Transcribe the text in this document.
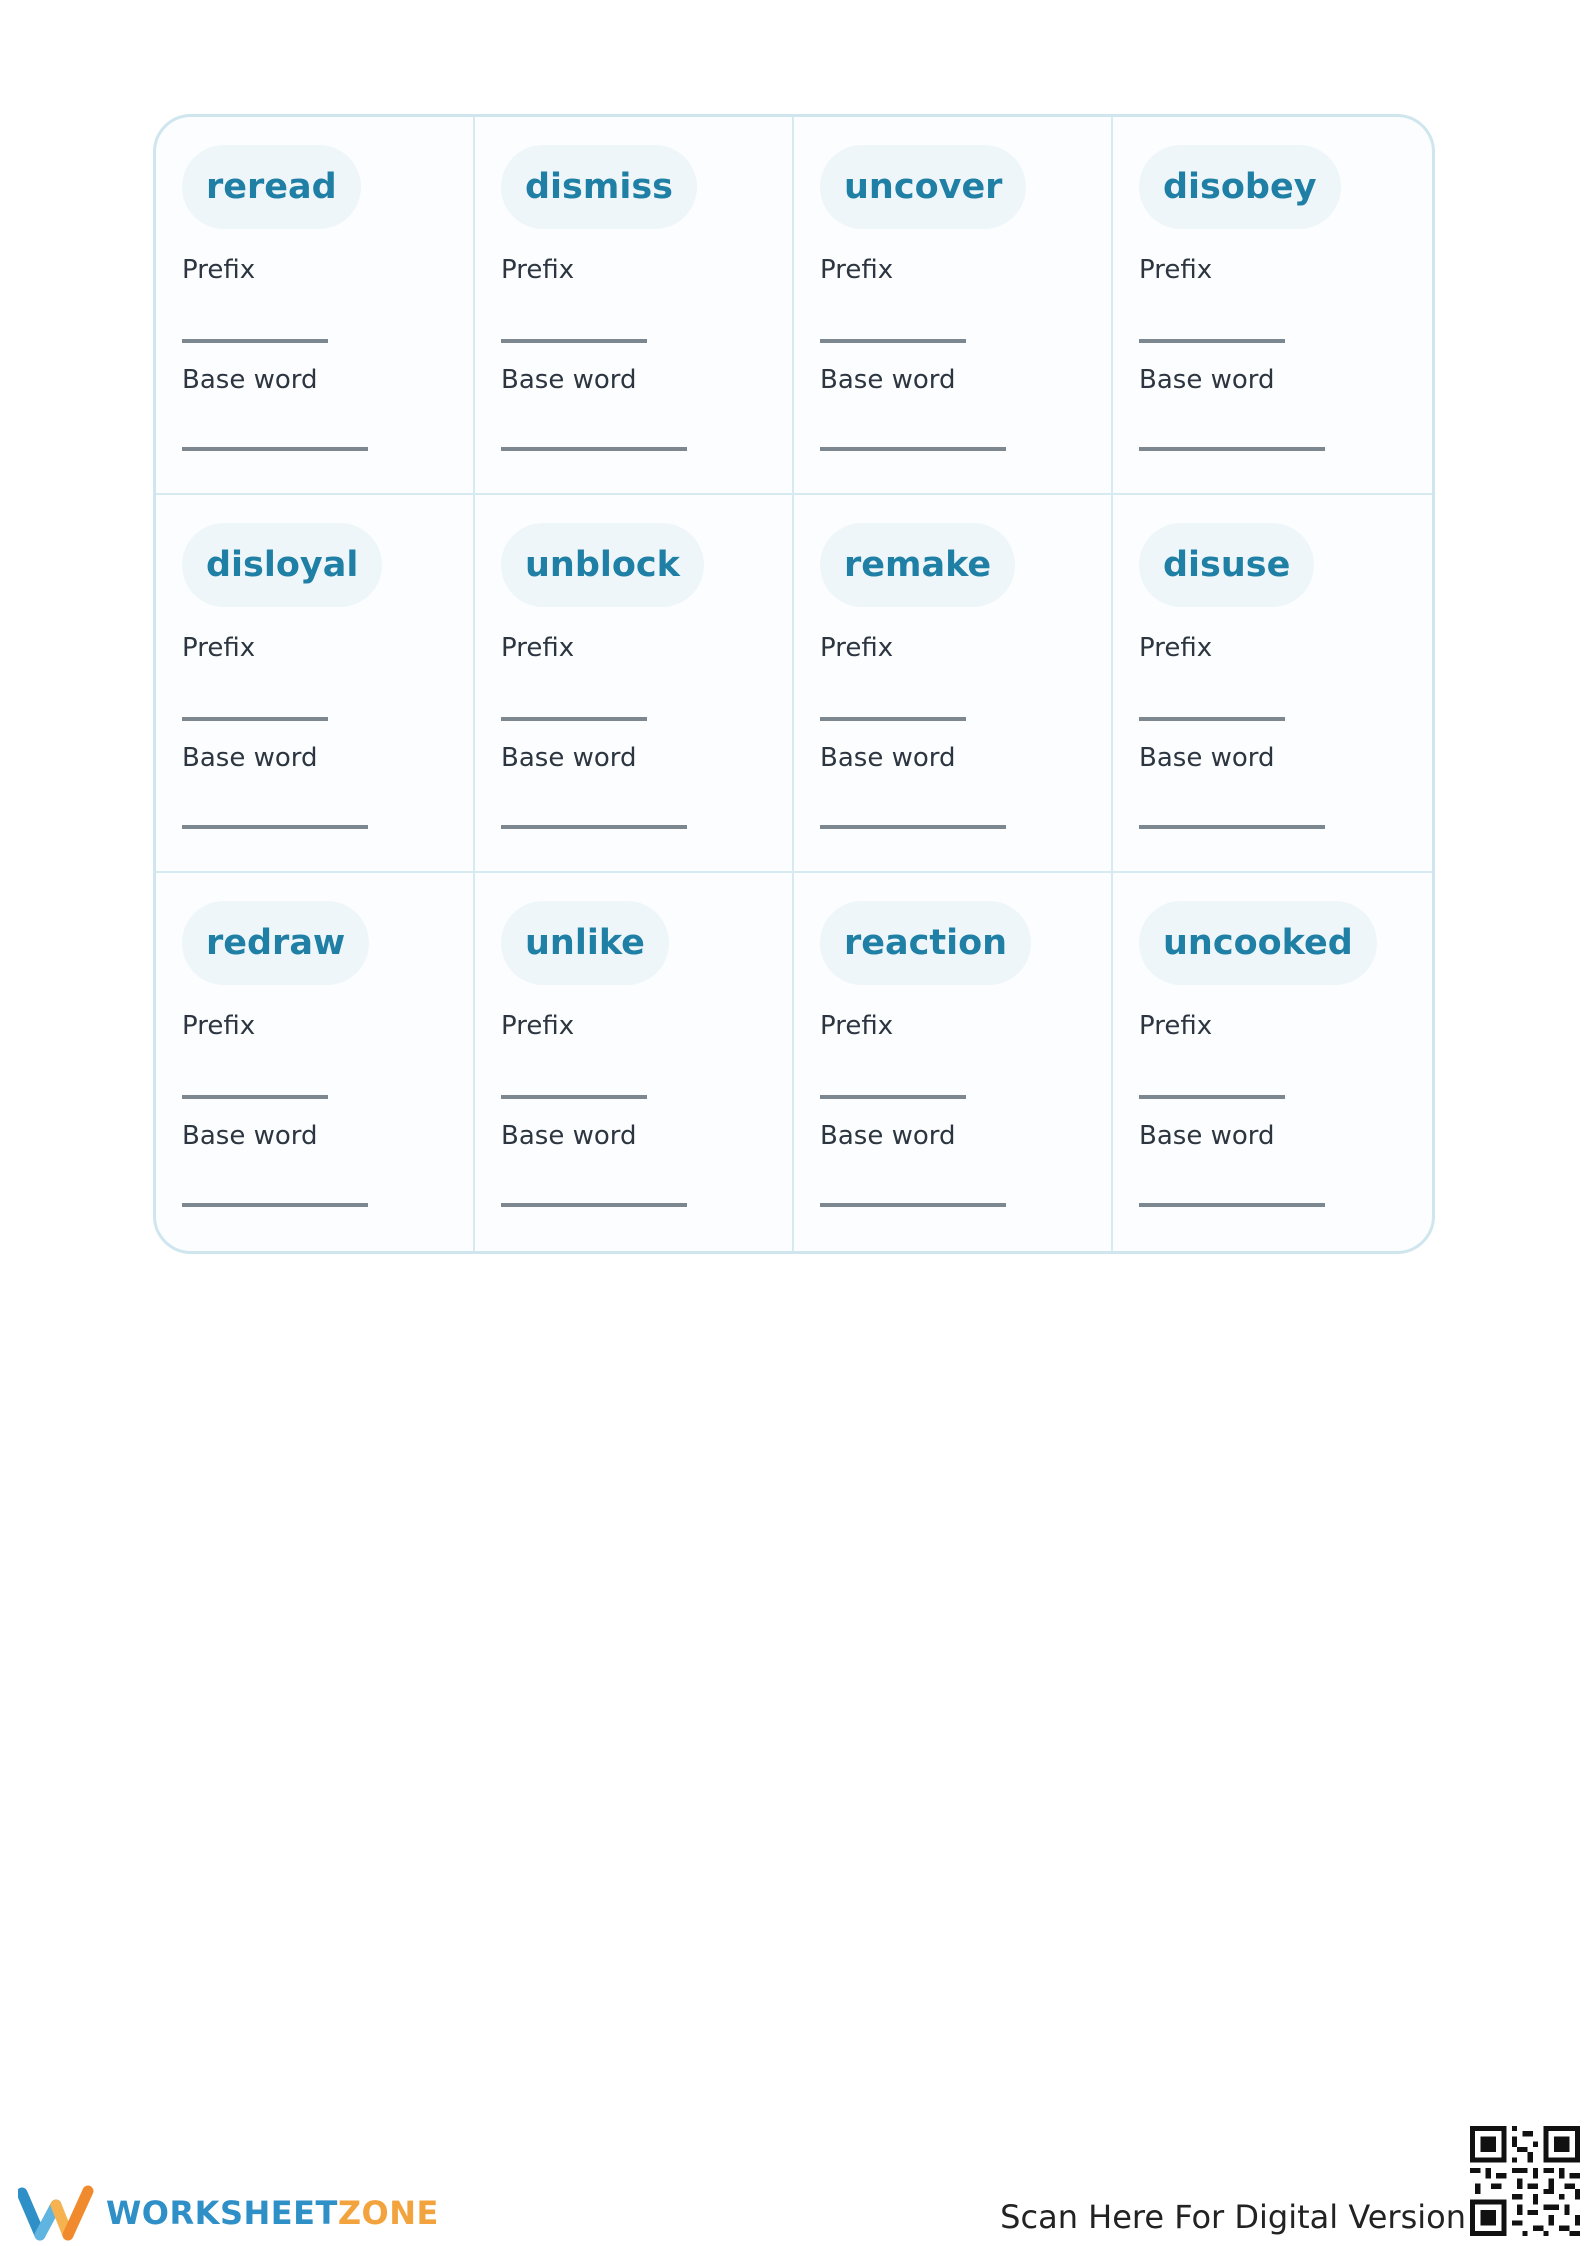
reread
Prefix
Base word
dismiss
Prefix
Base word
uncover
Prefix
Base word
disobey
Prefix
Base word
disloyal
Prefix
Base word
unblock
Prefix
Base word
remake
Prefix
Base word
disuse
Prefix
Base word
redraw
Prefix
Base word
unlike
Prefix
Base word
reaction
Prefix
Base word
uncooked
Prefix
Base word
WORKSHEETZONE	Scan Here For Digital Version
